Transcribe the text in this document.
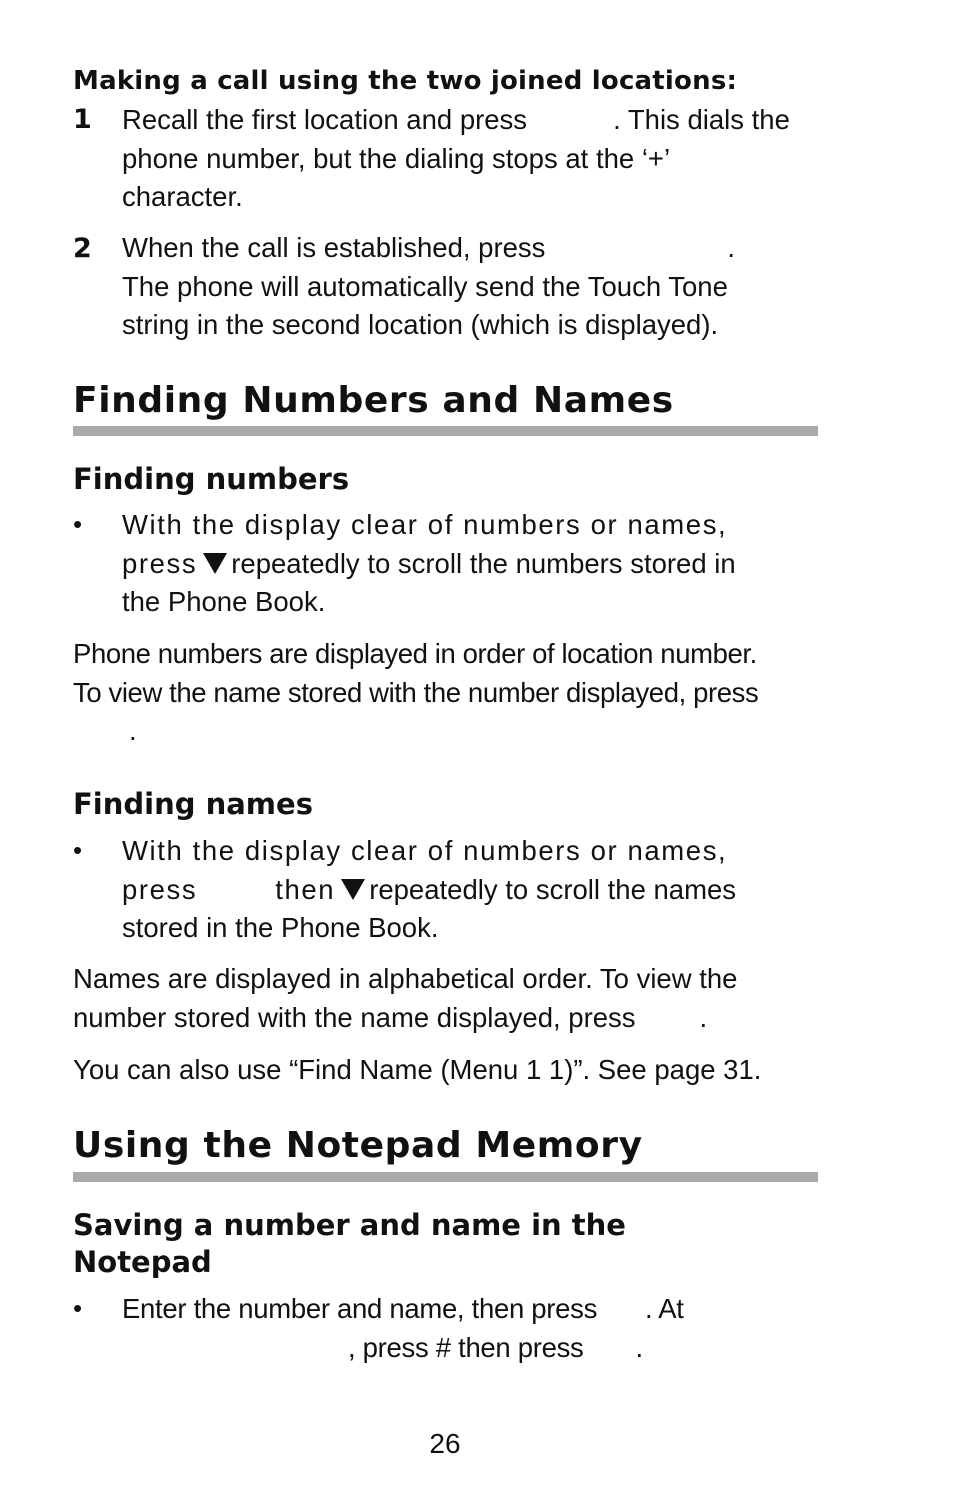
Making a call using the two joined locations:
1 Recall the first location and press	. This dials the
phone number, but the dialing stops at the ‘+’
character.
2 When the call is established, press	.
The phone will automatically send the Touch Tone
string in the second location (which is displayed).
Finding Numbers and Names
Finding numbers
• With the display clear of numbers or names,
press repeatedly to scroll the numbers stored in
the Phone Book.
Phone numbers are displayed in order of location number.
To view the name stored with the number displayed, press
.
Finding names
• With the display clear of numbers or names,
press	then repeatedly to scroll the names
stored in the Phone Book.
Names are displayed in alphabetical order. To view the
number stored with the name displayed, press .
You can also use “Find Name (Menu 1 1)”. See page 31.
Using the Notepad Memory
Saving a number and name in the
Notepad
• Enter the number and name, then press . At
, press # then press .
26
